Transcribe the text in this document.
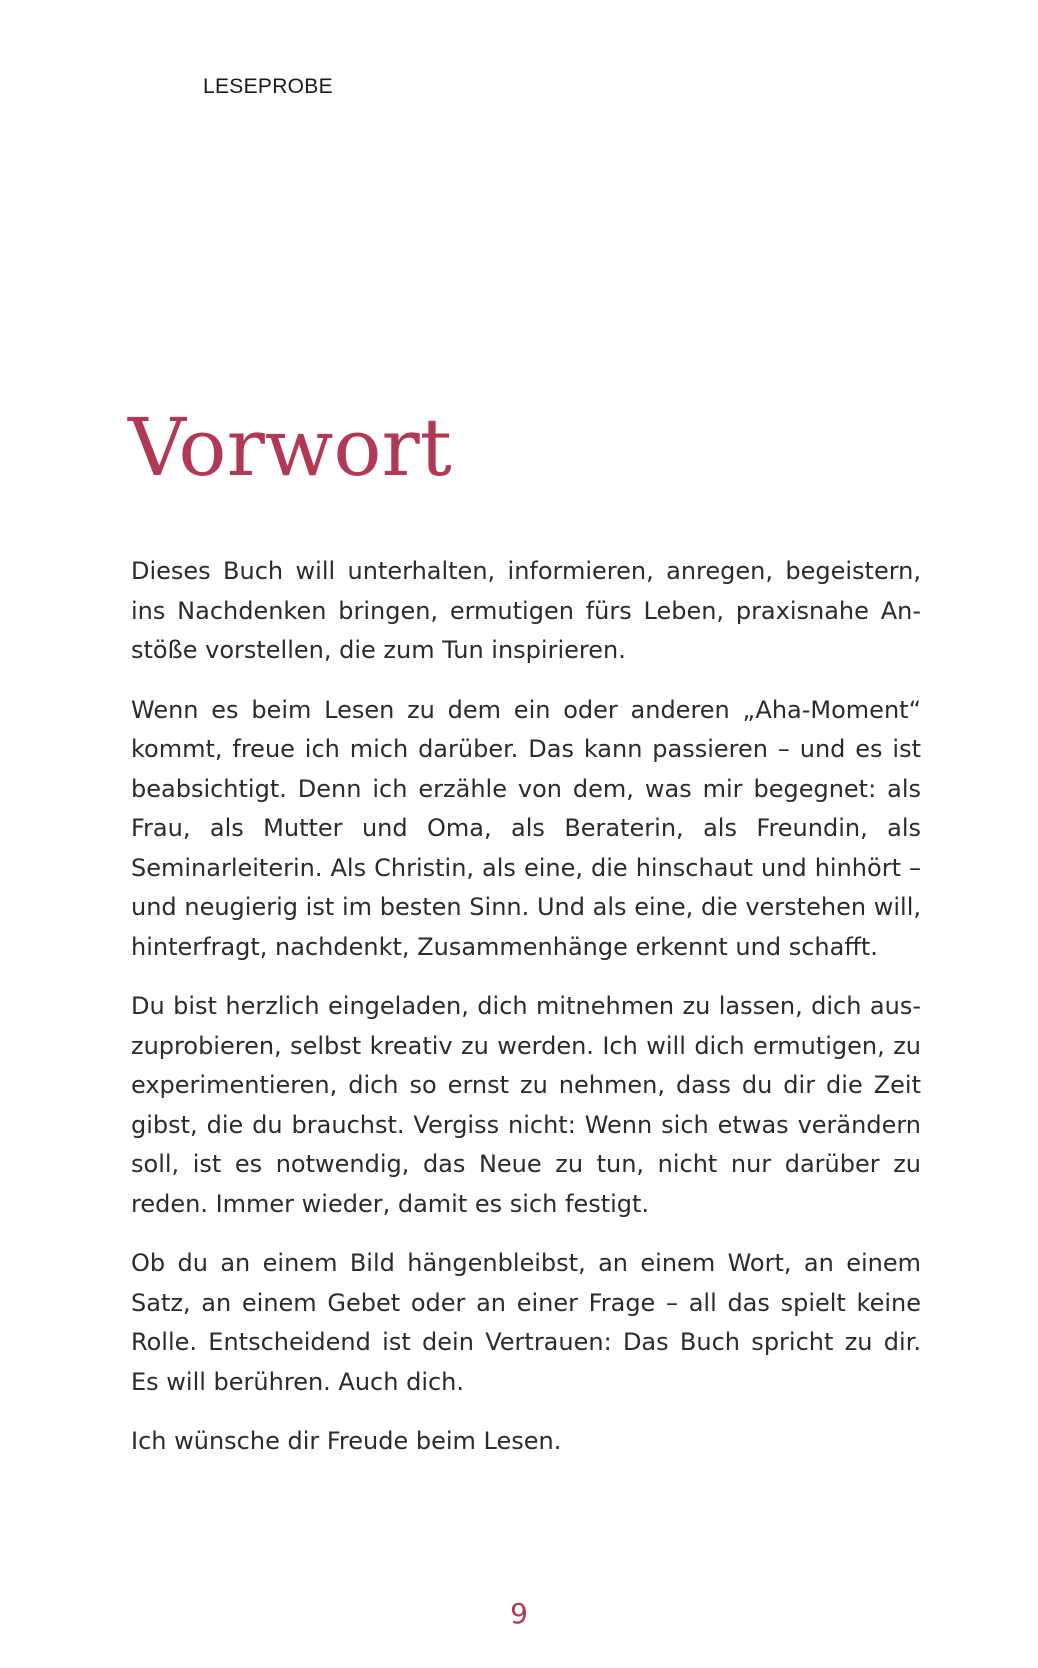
LESEPROBE
Vorwort

Dieses Buch will unterhalten, informieren, anregen, begeistern, ins Nachdenken bringen, ermutigen fürs Leben, praxisnahe Anstöße vorstellen, die zum Tun inspirieren.

Wenn es beim Lesen zu dem ein oder anderen „Aha-Moment“ kommt, freue ich mich darüber. Das kann passieren – und es ist beabsichtigt. Denn ich erzähle von dem, was mir begegnet: als Frau, als Mutter und Oma, als Beraterin, als Freundin, als Seminarleiterin. Als Christin, als eine, die hinschaut und hinhört – und neugierig ist im besten Sinn. Und als eine, die verstehen will, hinterfragt, nachdenkt, Zusammenhänge erkennt und schafft.

Du bist herzlich eingeladen, dich mitnehmen zu lassen, dich auszuprobieren, selbst kreativ zu werden. Ich will dich ermutigen, zu experimentieren, dich so ernst zu nehmen, dass du dir die Zeit gibst, die du brauchst. Vergiss nicht: Wenn sich etwas verändern soll, ist es notwendig, das Neue zu tun, nicht nur darüber zu reden. Immer wieder, damit es sich festigt.

Ob du an einem Bild hängenbleibst, an einem Wort, an einem Satz, an einem Gebet oder an einer Frage – all das spielt keine Rolle. Entscheidend ist dein Vertrauen: Das Buch spricht zu dir. Es will berühren. Auch dich.

Ich wünsche dir Freude beim Lesen.

9
